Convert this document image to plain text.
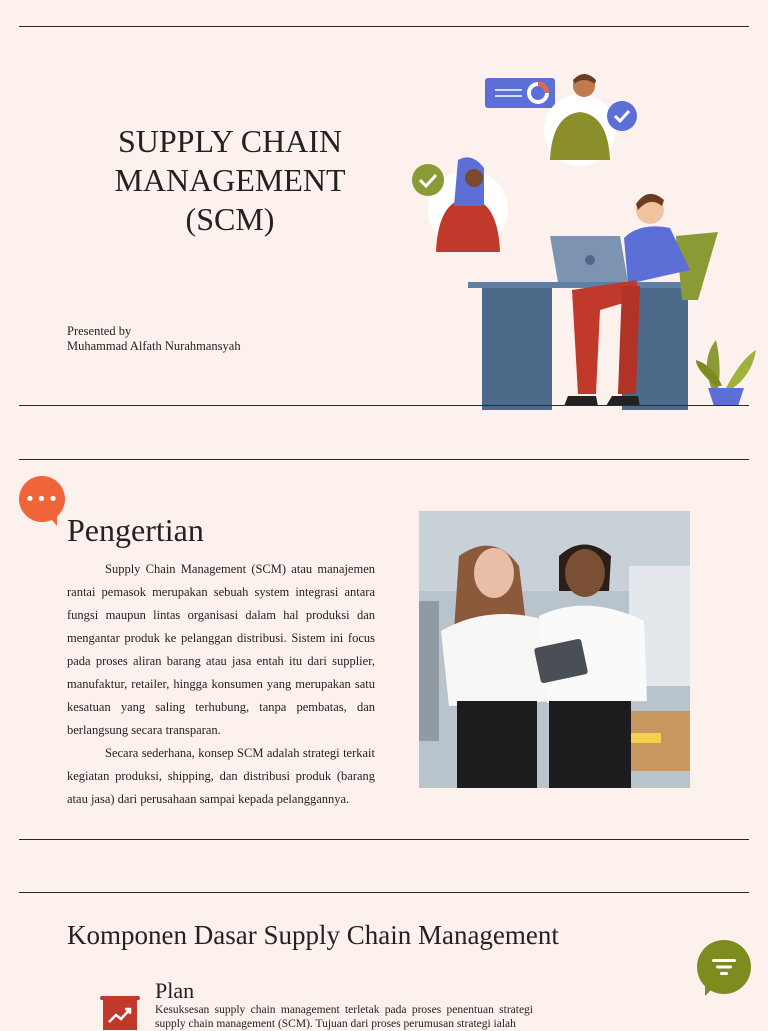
SUPPLY CHAIN
MANAGEMENT
(SCM)
Presented by
Muhammad Alfath Nurahmansyah
•••
Pengertian

Supply Chain Management (SCM) atau manajemen rantai pemasok merupakan sebuah system integrasi antara fungsi maupun lintas organisasi dalam hal produksi dan mengantar produk ke pelanggan distribusi. Sistem ini focus pada proses aliran barang atau jasa entah itu dari supplier, manufaktur, retailer, hingga konsumen yang merupakan satu kesatuan yang saling terhubung, tanpa pembatas, dan berlangsung secara transparan.

Secara sederhana, konsep SCM adalah strategi terkait kegiatan produksi, shipping, dan distribusi produk (barang atau jasa) dari perusahaan sampai kepada pelanggannya.

Komponen Dasar Supply Chain Management
Plan
Kesuksesan supply chain management terletak pada proses penentuan strategi supply chain management (SCM). Tujuan dari proses perumusan strategi ialah
